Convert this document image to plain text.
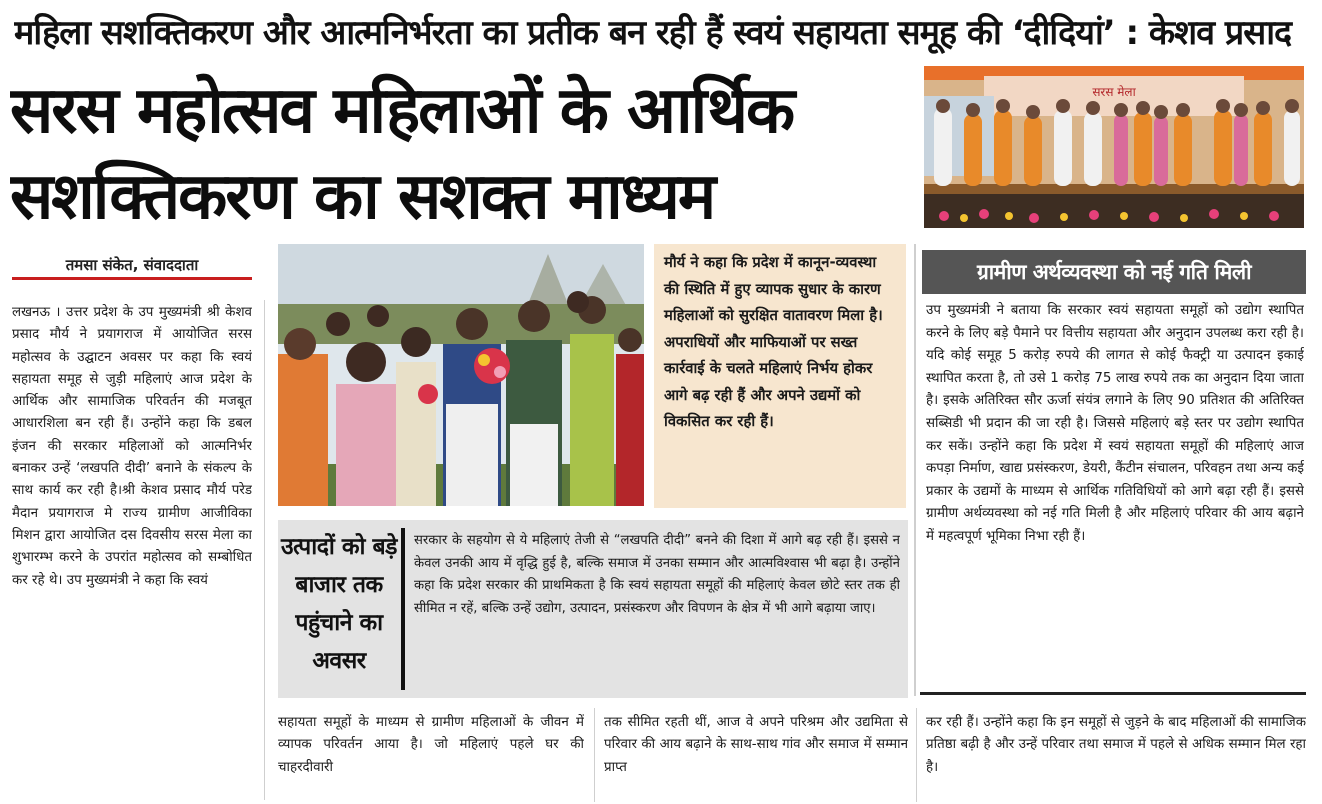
महिला सशक्तिकरण और आत्मनिर्भरता का प्रतीक बन रही हैं स्वयं सहायता समूह की ‘दीदियां’ : केशव प्रसाद
सरस महोत्सव महिलाओं के आर्थिक
सशक्तिकरण का सशक्त माध्यम
सरस मेला
तमसा संकेत, संवाददाता
लखनऊ । उत्तर प्रदेश के उप मुख्यमंत्री श्री केशव प्रसाद मौर्य ने प्रयागराज में आयोजित सरस महोत्सव के उद्घाटन अवसर पर कहा कि स्वयं सहायता समूह से जुड़ी महिलाएं आज प्रदेश के आर्थिक और सामाजिक परिवर्तन की मजबूत आधारशिला बन रही हैं। उन्होंने कहा कि डबल इंजन की सरकार महिलाओं को आत्मनिर्भर बनाकर उन्हें ‘लखपति दीदी’ बनाने के संकल्प के साथ कार्य कर रही है।श्री केशव प्रसाद मौर्य परेड मैदान प्रयागराज मे राज्य ग्रामीण आजीविका मिशन द्वारा आयोजित दस दिवसीय सरस मेला का शुभारम्भ करने के उपरांत महोत्सव को सम्बोधित कर रहे थे। उप मुख्यमंत्री ने कहा कि स्वयं
मौर्य ने कहा कि प्रदेश में कानून-व्यवस्था की स्थिति में हुए व्यापक सुधार के कारण महिलाओं को सुरक्षित वातावरण मिला है। अपराधियों और माफियाओं पर सख्त कार्रवाई के चलते महिलाएं निर्भय होकर आगे बढ़ रही हैं और अपने उद्यमों को विकसित कर रही हैं।
उत्पादों को बड़े बाजार तक पहुंचाने का अवसर
सरकार के सहयोग से ये महिलाएं तेजी से “लखपति दीदी” बनने की दिशा में आगे बढ़ रही हैं। इससे न केवल उनकी आय में वृद्धि हुई है, बल्कि समाज में उनका सम्मान और आत्मविश्वास भी बढ़ा है। उन्होंने कहा कि प्रदेश सरकार की प्राथमिकता है कि स्वयं सहायता समूहों की महिलाएं केवल छोटे स्तर तक ही सीमित न रहें, बल्कि उन्हें उद्योग, उत्पादन, प्रसंस्करण और विपणन के क्षेत्र में भी आगे बढ़ाया जाए।
ग्रामीण अर्थव्यवस्था को नई गति मिली
उप मुख्यमंत्री ने बताया कि सरकार स्वयं सहायता समूहों को उद्योग स्थापित करने के लिए बड़े पैमाने पर वित्तीय सहायता और अनुदान उपलब्ध करा रही है। यदि कोई समूह 5 करोड़ रुपये की लागत से कोई फैक्ट्री या उत्पादन इकाई स्थापित करता है, तो उसे 1 करोड़ 75 लाख रुपये तक का अनुदान दिया जाता है। इसके अतिरिक्त सौर ऊर्जा संयंत्र लगाने के लिए 90 प्रतिशत की अतिरिक्त सब्सिडी भी प्रदान की जा रही है। जिससे महिलाएं बड़े स्तर पर उद्योग स्थापित कर सकें। उन्होंने कहा कि प्रदेश में स्वयं सहायता समूहों की महिलाएं आज कपड़ा निर्माण, खाद्य प्रसंस्करण, डेयरी, कैंटीन संचालन, परिवहन तथा अन्य कई प्रकार के उद्यमों के माध्यम से आर्थिक गतिविधियों को आगे बढ़ा रही हैं। इससे ग्रामीण अर्थव्यवस्था को नई गति मिली है और महिलाएं परिवार की आय बढ़ाने में महत्वपूर्ण भूमिका निभा रही हैं।
सहायता समूहों के माध्यम से ग्रामीण महिलाओं के जीवन में व्यापक परिवर्तन आया है। जो महिलाएं पहले घर की चाहरदीवारी
तक सीमित रहती थीं, आज वे अपने परिश्रम और उद्यमिता से परिवार की आय बढ़ाने के साथ-साथ गांव और समाज में सम्मान प्राप्त
कर रही हैं। उन्होंने कहा कि इन समूहों से जुड़ने के बाद महिलाओं की सामाजिक प्रतिष्ठा बढ़ी है और उन्हें परिवार तथा समाज में पहले से अधिक सम्मान मिल रहा है।
